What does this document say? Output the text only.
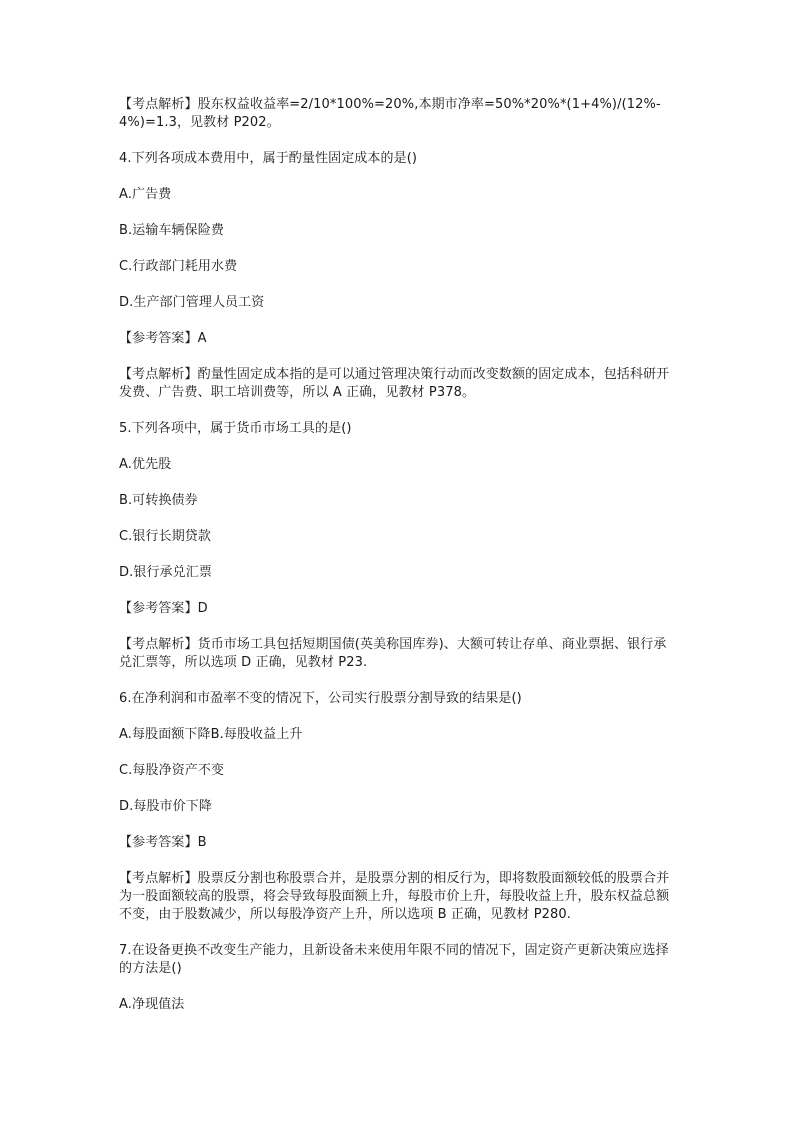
【考点解析】股东权益收益率=2/10*100%=20%,本期市净率=50%*20%*(1+4%)/(12%-4%)=1.3，见教材 P202。

4.下列各项成本费用中，属于酌量性固定成本的是()

A.广告费

B.运输车辆保险费

C.行政部门耗用水费

D.生产部门管理人员工资

【参考答案】A

【考点解析】酌量性固定成本指的是可以通过管理决策行动而改变数额的固定成本，包括科研开发费、广告费、职工培训费等，所以 A 正确，见教材 P378。

5.下列各项中，属于货币市场工具的是()

A.优先股

B.可转换债券

C.银行长期贷款

D.银行承兑汇票

【参考答案】D

【考点解析】货币市场工具包括短期国债(英美称国库券)、大额可转让存单、商业票据、银行承兑汇票等，所以选项 D 正确，见教材 P23.

6.在净利润和市盈率不变的情况下，公司实行股票分割导致的结果是()

A.每股面额下降B.每股收益上升

C.每股净资产不变

D.每股市价下降

【参考答案】B

【考点解析】股票反分割也称股票合并，是股票分割的相反行为，即将数股面额较低的股票合并为一股面额较高的股票，将会导致每股面额上升，每股市价上升，每股收益上升，股东权益总额不变，由于股数减少，所以每股净资产上升，所以选项 B 正确，见教材 P280.

7.在设备更换不改变生产能力，且新设备未来使用年限不同的情况下，固定资产更新决策应选择的方法是()

A.净现值法
